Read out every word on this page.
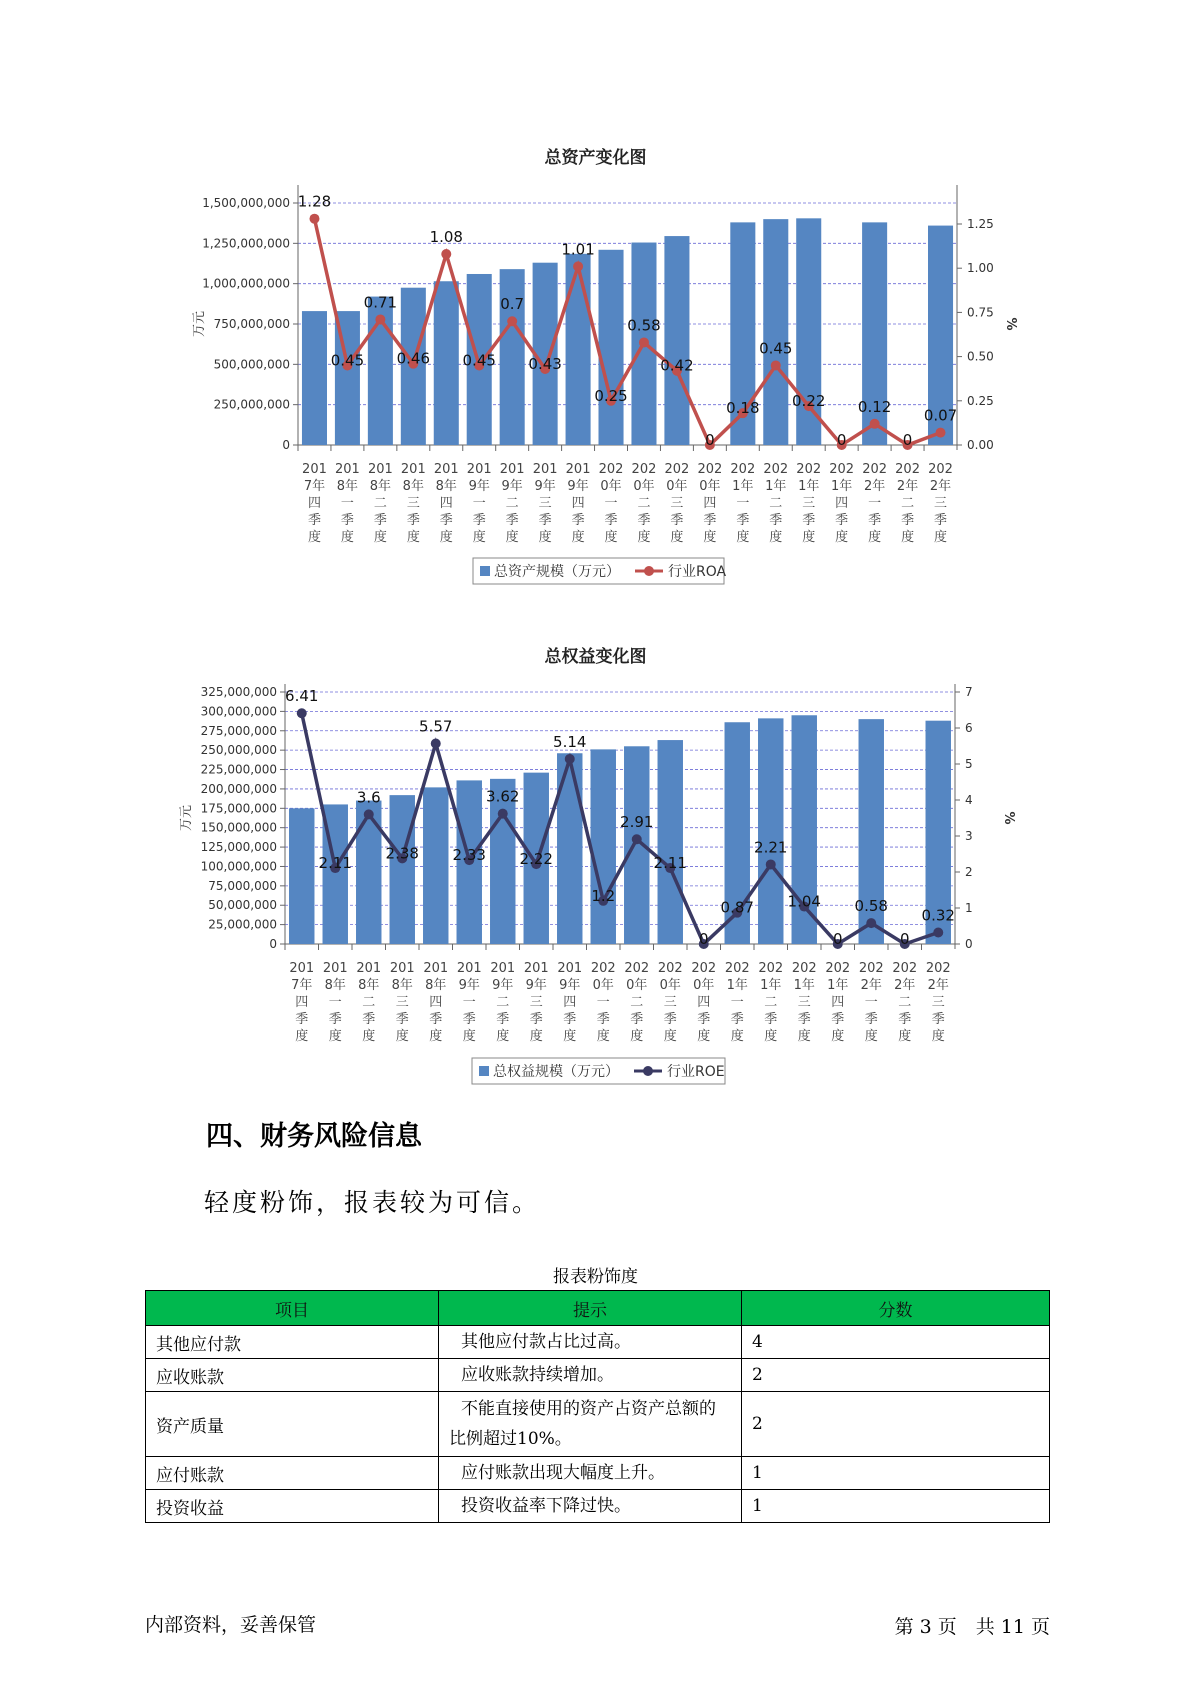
总资产变化图
0
250,000,000
500,000,000
750,000,000
1,000,000,000
1,250,000,000
1,500,000,000
0.00
0.25
0.50
0.75
1.00
1.25
万元	%
201
7年
四
季
度
201
8年
一
季
度
201
8年
二
季
度
201
8年
三
季
度
201
8年
四
季
度
201
9年
一
季
度
201
9年
二
季
度
201
9年
三
季
度
201
9年
四
季
度
202
0年
一
季
度
202
0年
二
季
度
202
0年
三
季
度
202
0年
四
季
度
202
1年
一
季
度
202
1年
二
季
度
202
1年
三
季
度
202
1年
四
季
度
202
2年
一
季
度
202
2年
二
季
度
202
2年
三
季
度
1.28
0.45
0.71
0.46
1.08
0.45
0.7
0.43
1.01
0.25
0.58
0.42
0
0.18
0.45
0.22
0
0.12
0
0.07
总资产规模（万元）	行业ROA
总权益变化图
0
25,000,000
50,000,000
75,000,000
100,000,000
125,000,000
150,000,000
175,000,000
200,000,000
225,000,000
250,000,000
275,000,000
300,000,000
325,000,000
0
1
2
3
4
5
6
7
万元	%
201
7年
四
季
度
201
8年
一
季
度
201
8年
二
季
度
201
8年
三
季
度
201
8年
四
季
度
201
9年
一
季
度
201
9年
二
季
度
201
9年
三
季
度
201
9年
四
季
度
202
0年
一
季
度
202
0年
二
季
度
202
0年
三
季
度
202
0年
四
季
度
202
1年
一
季
度
202
1年
二
季
度
202
1年
三
季
度
202
1年
四
季
度
202
2年
一
季
度
202
2年
二
季
度
202
2年
三
季
度
6.41
2.11
3.6
2.38
5.57
2.33
3.62
2.22
5.14
1.2
2.91
2.11
0
0.87
2.21
1.04
0
0.58
0
0.32
总权益规模（万元）	行业ROE
四、财务风险信息
轻度粉饰，报表较为可信。
报表粉饰度
项目	提示	分数
其他应付款	其他应付款占比过高。	4
应收账款	应收账款持续增加。	2
资产质量	不能直接使用的资产占资产总额的比例超过10%。	2
应付账款	应付账款出现大幅度上升。	1
投资收益	投资收益率下降过快。	1
内部资料，妥善保管	第 3 页　共 11 页
